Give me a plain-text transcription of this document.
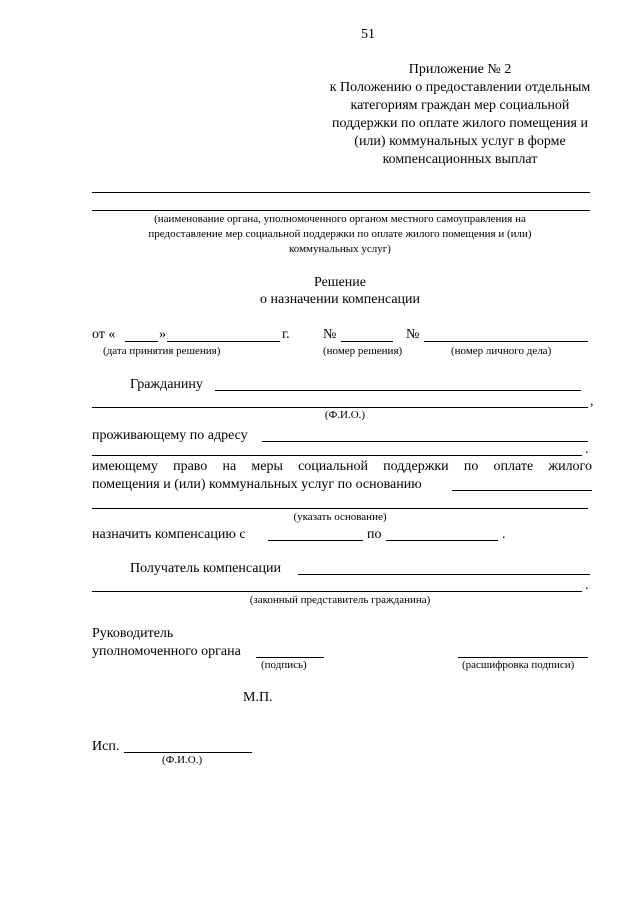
51
Приложение № 2
к Положению о предоставлении отдельным
категориям граждан мер социальной
поддержки по оплате жилого помещения и
(или) коммунальных услуг в форме
компенсационных выплат
(наименование органа, уполномоченного органом местного самоуправления на
предоставление мер социальной поддержки по оплате жилого помещения и (или)
коммунальных услуг)
Решение
о назначении компенсации
от «	»	г. №	№
(дата принятия решения)	(номер решения)	(номер личного дела)
Гражданину
,
(Ф.И.О.)
проживающему по адресу
.
имеющему право на меры социальной поддержки по оплате жилого
помещения и (или) коммунальных услуг по основанию
(указать основание)
назначить компенсацию с	по	.
Получатель компенсации
.
(законный представитель гражданина)
Руководитель
уполномоченного органа
(подпись)	(расшифровка подписи)
М.П.
Исп.
(Ф.И.О.)
